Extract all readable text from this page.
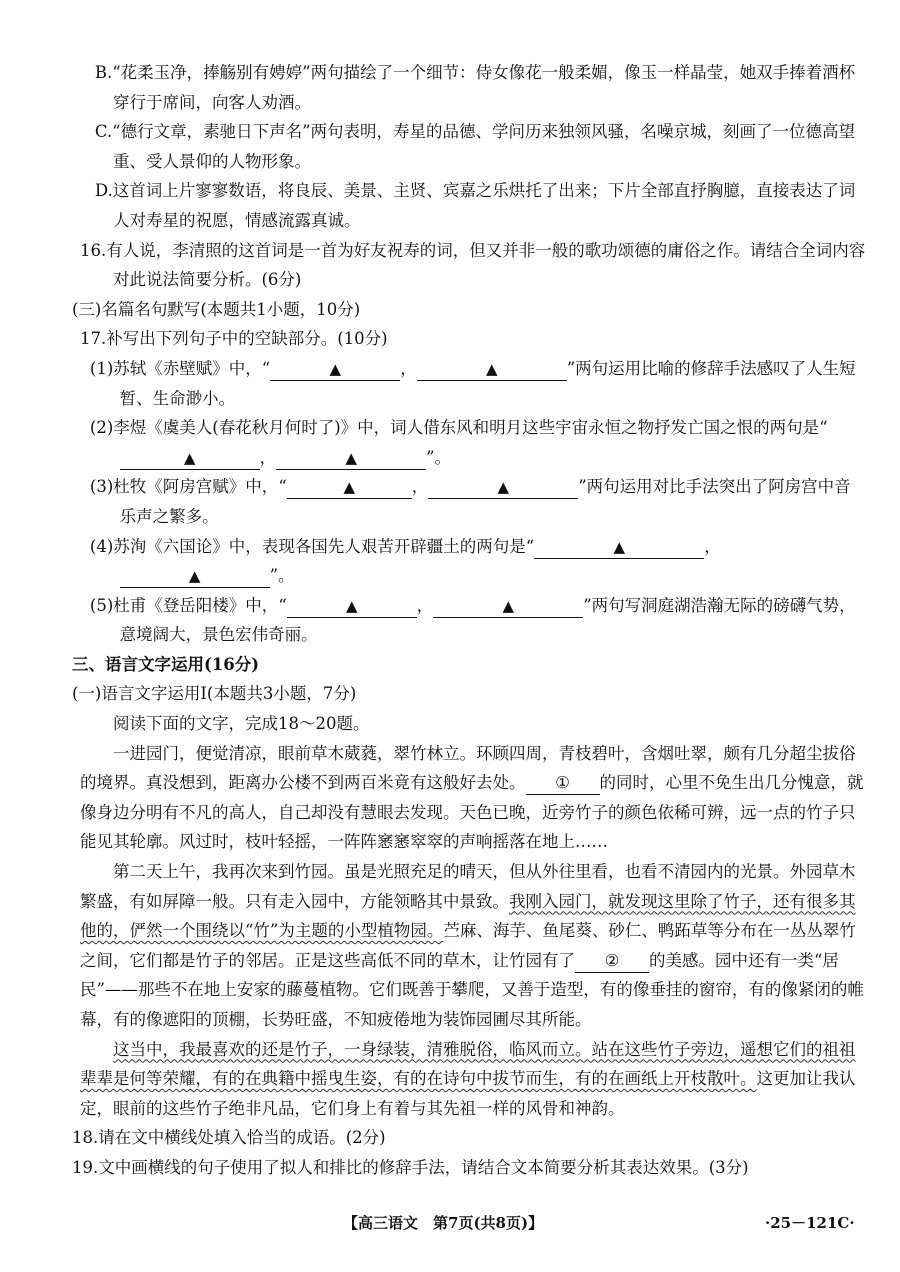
B.“花柔玉净，捧觞别有娉婷”两句描绘了一个细节：侍女像花一般柔媚，像玉一样晶莹，她双手捧着酒杯穿行于席间，向客人劝酒。

C.“德行文章，素驰日下声名”两句表明，寿星的品德、学问历来独领风骚，名噪京城，刻画了一位德高望重、受人景仰的人物形象。

D.这首词上片寥寥数语，将良辰、美景、主贤、宾嘉之乐烘托了出来；下片全部直抒胸臆，直接表达了词人对寿星的祝愿，情感流露真诚。

16.有人说，李清照的这首词是一首为好友祝寿的词，但又并非一般的歌功颂德的庸俗之作。请结合全词内容对此说法简要分析。(6分)

(三)名篇名句默写(本题共1小题，10分)

17.补写出下列句子中的空缺部分。(10分)

(1)苏轼《赤壁赋》中，“	▲	，	▲	”两句运用比喻的修辞手法感叹了人生短暂、生命渺小。

(2)李煜《虞美人(春花秋月何时了)》中，词人借东风和明月这些宇宙永恒之物抒发亡国之恨的两句是“▲	，	▲	”。

(3)杜牧《阿房宫赋》中，“	▲	，	▲	”两句运用对比手法突出了阿房宫中音乐声之繁多。

(4)苏洵《六国论》中，表现各国先人艰苦开辟疆土的两句是“	▲	，▲	”。

(5)杜甫《登岳阳楼》中，“	▲	，	▲	”两句写洞庭湖浩瀚无际的磅礴气势，意境阔大，景色宏伟奇丽。

三、语言文字运用(16分)

(一)语言文字运用Ⅰ(本题共3小题，7分)

阅读下面的文字，完成18～20题。

一进园门，便觉清凉，眼前草木葳蕤，翠竹林立。环顾四周，青枝碧叶，含烟吐翠，颇有几分超尘拔俗的境界。真没想到，距离办公楼不到两百米竟有这般好去处。 ① 的同时，心里不免生出几分愧意，就像身边分明有不凡的高人，自己却没有慧眼去发现。天色已晚，近旁竹子的颜色依稀可辨，远一点的竹子只能见其轮廓。风过时，枝叶轻摇，一阵阵窸窸窣窣的声响摇落在地上……

第二天上午，我再次来到竹园。虽是光照充足的晴天，但从外往里看，也看不清园内的光景。外园草木繁盛，有如屏障一般。只有走入园中，方能领略其中景致。我刚入园门，就发现这里除了竹子，还有很多其他的，俨然一个围绕以“竹”为主题的小型植物园。苎麻、海芋、鱼尾葵、砂仁、鸭跖草等分布在一丛丛翠竹之间，它们都是竹子的邻居。正是这些高低不同的草木，让竹园有了 ② 的美感。园中还有一类“居民”——那些不在地上安家的藤蔓植物。它们既善于攀爬，又善于造型，有的像垂挂的窗帘，有的像紧闭的帷幕，有的像遮阳的顶棚，长势旺盛，不知疲倦地为装饰园圃尽其所能。

这当中，我最喜欢的还是竹子，一身绿装，清雅脱俗，临风而立。站在这些竹子旁边，遥想它们的祖祖辈辈是何等荣耀，有的在典籍中摇曳生姿，有的在诗句中拔节而生，有的在画纸上开枝散叶。这更加让我认定，眼前的这些竹子绝非凡品，它们身上有着与其先祖一样的风骨和神韵。

18.请在文中横线处填入恰当的成语。(2分)

19.文中画横线的句子使用了拟人和排比的修辞手法，请结合文本简要分析其表达效果。(3分)

【高三语文　第7页(共8页)】	·25－121C·
